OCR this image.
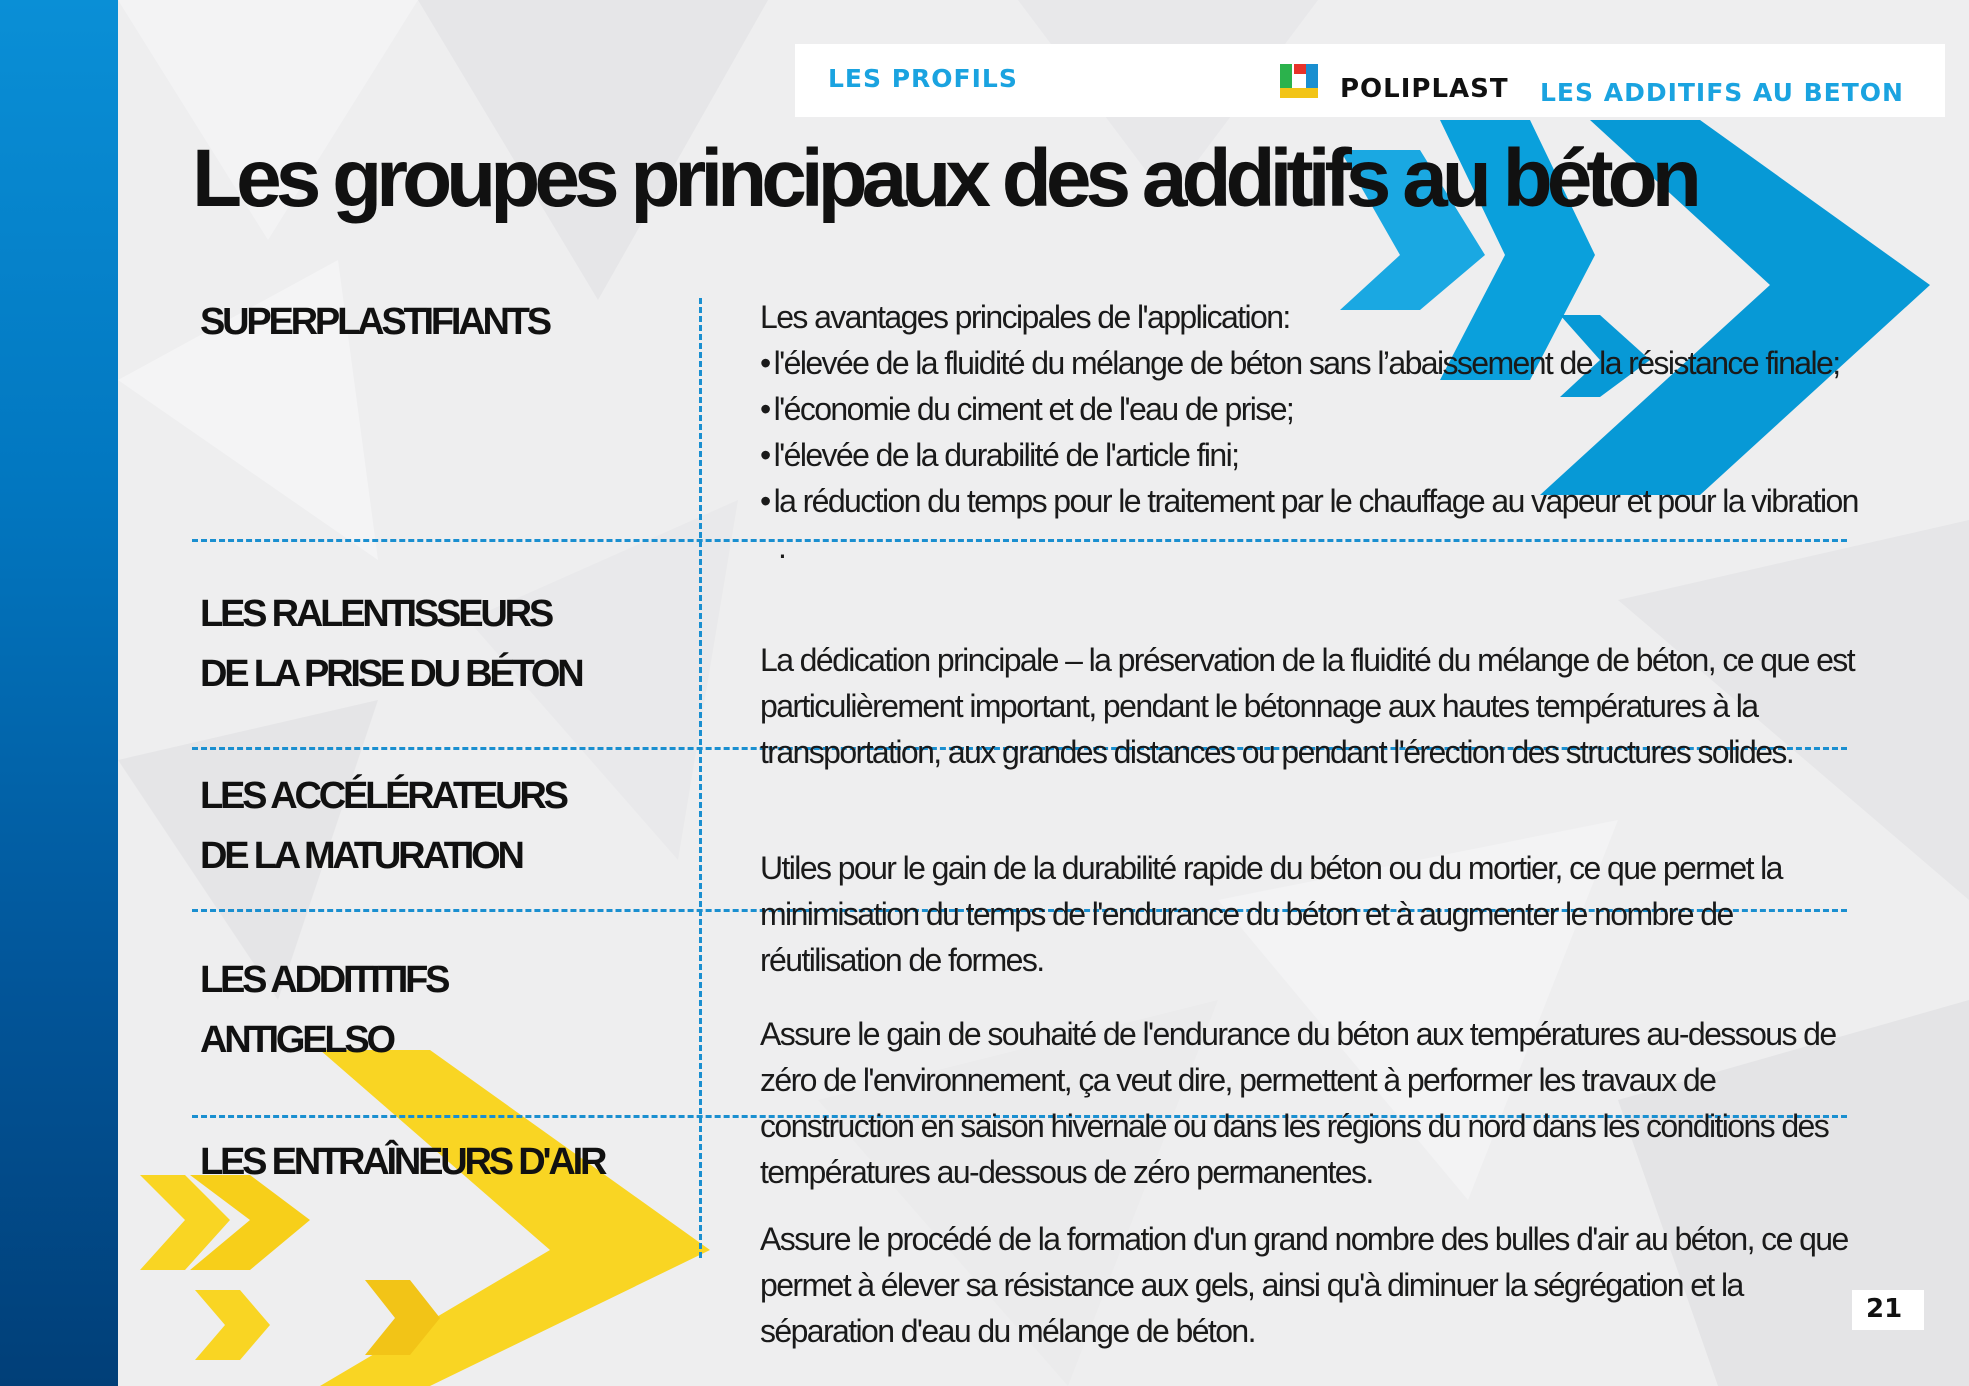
LES PROFILS	POLIPLAST LES ADDITIFS AU BETON
Les groupes principaux des additifs au béton
SUPERPLASTIFIANTS
LES RALENTISSEURS
DE LA PRISE DU BÉTON
LES ACCÉLÉRATEURS
DE LA MATURATION
LES ADDITITIFS
ANTIGELSO
LES ENTRAÎNEURS D'AIR
Les avantages principales de l'application:
• l'élevée de la fluidité du mélange de béton sans l’abaissement de la résistance finale;
• l'économie du ciment et de l'eau de prise;
• l'élevée de la durabilité de l'article fini;
• la réduction du temps pour le traitement par le chauffage au vapeur et pour la vibration .
La dédication principale – la préservation de la fluidité du mélange de béton, ce que est particulièrement important, pendant le bétonnage aux hautes températures à la transportation, aux grandes distances ou pendant l'érection des structures solides.
Utiles pour le gain de la durabilité rapide du béton ou du mortier, ce que permet la minimisation du temps de l'endurance du béton et à augmenter le nombre de réutilisation de formes.
Assure le gain de souhaité de l'endurance du béton aux températures au-dessous de zéro de l'environnement, ça veut dire, permettent à performer les travaux de construction en saison hivernale ou dans les régions du nord dans les conditions des températures au-dessous de zéro permanentes.
Assure le procédé de la formation d'un grand nombre des bulles d'air au béton, ce que permet à élever sa résistance aux gels, ainsi qu'à diminuer la ségrégation et la séparation d'eau du mélange de béton.
21
